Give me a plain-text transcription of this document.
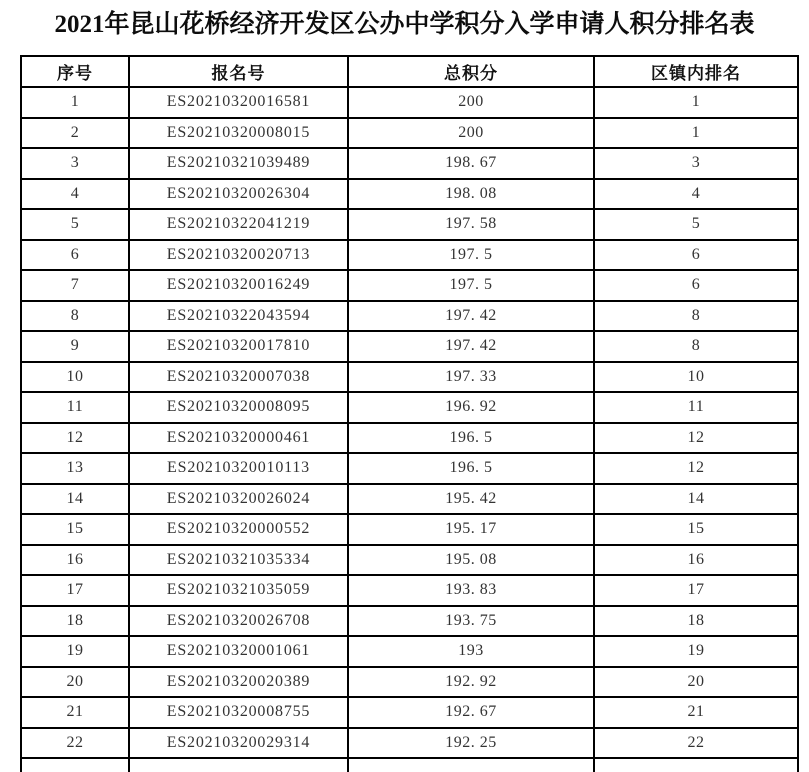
2021年昆山花桥经济开发区公办中学积分入学申请人积分排名表
序号	报名号	总积分	区镇内排名
1	ES20210320016581	200	1
2	ES20210320008015	200	1
3	ES20210321039489	198. 67	3
4	ES20210320026304	198. 08	4
5	ES20210322041219	197. 58	5
6	ES20210320020713	197. 5	6
7	ES20210320016249	197. 5	6
8	ES20210322043594	197. 42	8
9	ES20210320017810	197. 42	8
10	ES20210320007038	197. 33	10
11	ES20210320008095	196. 92	11
12	ES20210320000461	196. 5	12
13	ES20210320010113	196. 5	12
14	ES20210320026024	195. 42	14
15	ES20210320000552	195. 17	15
16	ES20210321035334	195. 08	16
17	ES20210321035059	193. 83	17
18	ES20210320026708	193. 75	18
19	ES20210320001061	193	19
20	ES20210320020389	192. 92	20
21	ES20210320008755	192. 67	21
22	ES20210320029314	192. 25	22
